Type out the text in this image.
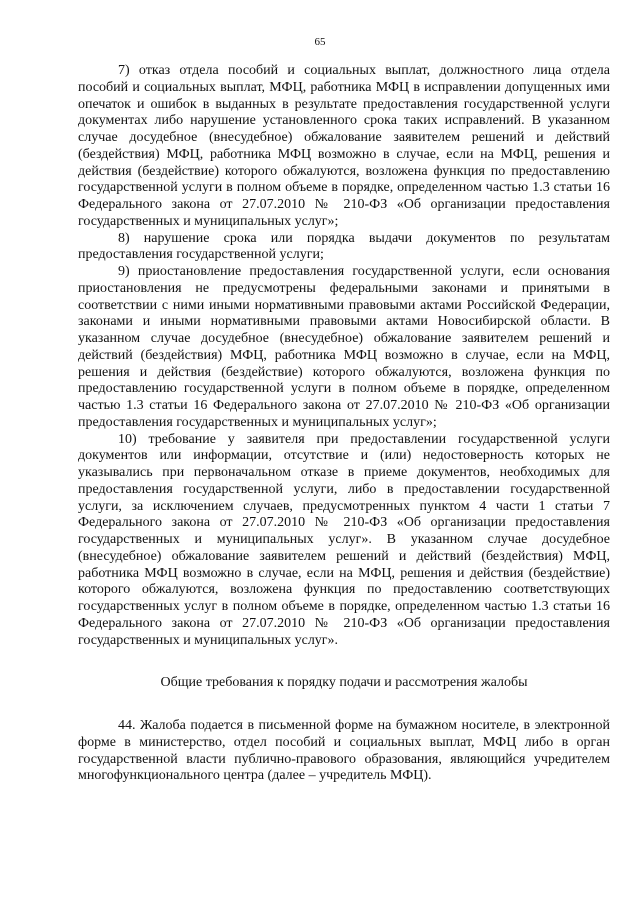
65

7) отказ отдела пособий и социальных выплат, должностного лица отдела пособий и социальных выплат, МФЦ, работника МФЦ в исправлении допущенных ими опечаток и ошибок в выданных в результате предоставления государственной услуги документах либо нарушение установленного срока таких исправлений. В указанном случае досудебное (внесудебное) обжалование заявителем решений и действий (бездействия) МФЦ, работника МФЦ возможно в случае, если на МФЦ, решения и действия (бездействие) которого обжалуются, возложена функция по предоставлению государственной услуги в полном объеме в порядке, определенном частью 1.3 статьи 16 Федерального закона от 27.07.2010 № 210-ФЗ «Об организации предоставления государственных и муниципальных услуг»;

8) нарушение срока или порядка выдачи документов по результатам предоставления государственной услуги;

9) приостановление предоставления государственной услуги, если основания приостановления не предусмотрены федеральными законами и принятыми в соответствии с ними иными нормативными правовыми актами Российской Федерации, законами и иными нормативными правовыми актами Новосибирской области. В указанном случае досудебное (внесудебное) обжалование заявителем решений и действий (бездействия) МФЦ, работника МФЦ возможно в случае, если на МФЦ, решения и действия (бездействие) которого обжалуются, возложена функция по предоставлению государственной услуги в полном объеме в порядке, определенном частью 1.3 статьи 16 Федерального закона от 27.07.2010 № 210-ФЗ «Об организации предоставления государственных и муниципальных услуг»;

10) требование у заявителя при предоставлении государственной услуги документов или информации, отсутствие и (или) недостоверность которых не указывались при первоначальном отказе в приеме документов, необходимых для предоставления государственной услуги, либо в предоставлении государственной услуги, за исключением случаев, предусмотренных пунктом 4 части 1 статьи 7 Федерального закона от 27.07.2010 № 210-ФЗ «Об организации предоставления государственных и муниципальных услуг». В указанном случае досудебное (внесудебное) обжалование заявителем решений и действий (бездействия) МФЦ, работника МФЦ возможно в случае, если на МФЦ, решения и действия (бездействие) которого обжалуются, возложена функция по предоставлению соответствующих государственных услуг в полном объеме в порядке, определенном частью 1.3 статьи 16 Федерального закона от 27.07.2010 № 210-ФЗ «Об организации предоставления государственных и муниципальных услуг».

Общие требования к порядку подачи и рассмотрения жалобы

44. Жалоба подается в письменной форме на бумажном носителе, в электронной форме в министерство, отдел пособий и социальных выплат, МФЦ либо в орган государственной власти публично-правового образования, являющийся учредителем многофункционального центра (далее – учредитель МФЦ).
